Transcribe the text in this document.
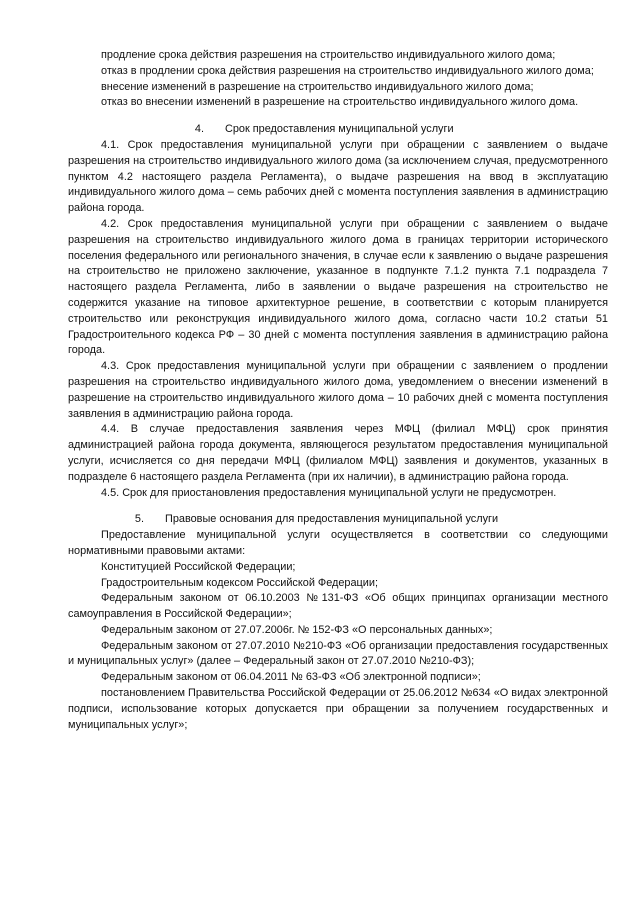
продление срока действия разрешения на строительство индивидуального жилого дома;

отказ в продлении срока действия разрешения на строительство индивидуального жилого дома;

внесение изменений в разрешение на строительство индивидуального жилого дома;

отказ во внесении изменений в разрешение на строительство индивидуального жилого дома.

4.	Срок предоставления муниципальной услуги

4.1. Срок предоставления муниципальной услуги при обращении с заявлением о выдаче разрешения на строительство индивидуального жилого дома (за исключением случая, предусмотренного пунктом 4.2 настоящего раздела Регламента), о выдаче разрешения на ввод в эксплуатацию индивидуального жилого дома – семь рабочих дней с момента поступления заявления в администрацию района города.

4.2. Срок предоставления муниципальной услуги при обращении с заявлением о выдаче разрешения на строительство индивидуального жилого дома в границах территории исторического поселения федерального или регионального значения, в случае если к заявлению о выдаче разрешения на строительство не приложено заключение, указанное в подпункте 7.1.2 пункта 7.1 подраздела 7 настоящего раздела Регламента, либо в заявлении о выдаче разрешения на строительство не содержится указание на типовое архитектурное решение, в соответствии с которым планируется строительство или реконструкция индивидуального жилого дома, согласно части 10.2 статьи 51 Градостроительного кодекса РФ – 30 дней с момента поступления заявления в администрацию района города.

4.3. Срок предоставления муниципальной услуги при обращении с заявлением о продлении разрешения на строительство индивидуального жилого дома, уведомлением о внесении изменений в разрешение на строительство индивидуального жилого дома – 10 рабочих дней с момента поступления заявления в администрацию района города.

4.4. В случае предоставления заявления через МФЦ (филиал МФЦ) срок принятия администрацией района города документа, являющегося результатом предоставления муниципальной услуги, исчисляется со дня передачи МФЦ (филиалом МФЦ) заявления и документов, указанных в подразделе 6 настоящего раздела Регламента (при их наличии), в администрацию района города.

4.5. Срок для приостановления предоставления муниципальной услуги не предусмотрен.

5.	Правовые основания для предоставления муниципальной услуги

Предоставление муниципальной услуги осуществляется в соответствии со следующими нормативными правовыми актами:

Конституцией Российской Федерации;

Градостроительным кодексом Российской Федерации;

Федеральным законом от 06.10.2003 №131-ФЗ «Об общих принципах организации местного самоуправления в Российской Федерации»;

Федеральным законом от 27.07.2006г. № 152-ФЗ «О персональных данных»;

Федеральным законом от 27.07.2010 №210-ФЗ «Об организации предоставления государственных и муниципальных услуг» (далее – Федеральный закон от 27.07.2010 №210-ФЗ);

Федеральным законом от 06.04.2011 № 63-ФЗ «Об электронной подписи»;

постановлением Правительства Российской Федерации от 25.06.2012 №634 «О видах электронной подписи, использование которых допускается при обращении за получением государственных и муниципальных услуг»;
